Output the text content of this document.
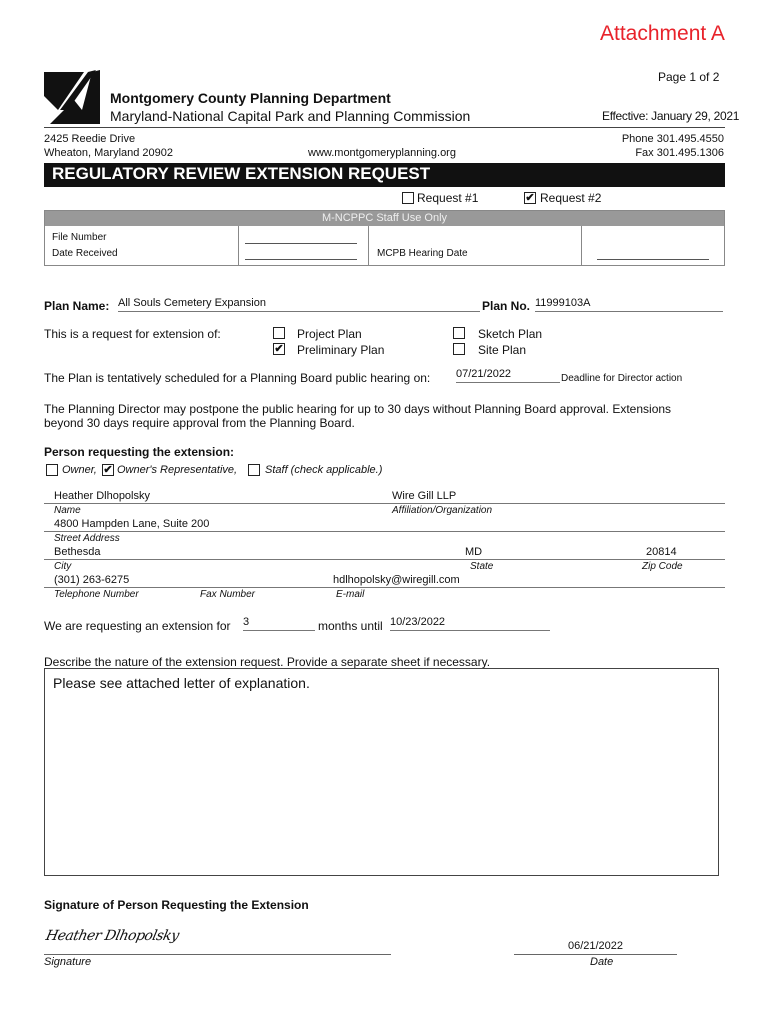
Attachment A
Page 1 of 2
Montgomery County Planning Department
Maryland-National Capital Park and Planning Commission	Effective: January 29, 2021
2425 Reedie Drive
Wheaton, Maryland 20902	www.montgomeryplanning.org
Phone 301.495.4550
Fax 301.495.1306
REGULATORY REVIEW EXTENSION REQUEST
Request #1	✔ Request #2
M-NCPPC Staff Use Only
File Number
Date Received	MCPB Hearing Date
Plan Name: All Souls Cemetery Expansion	Plan No. 11999103A
This is a request for extension of:	Project Plan
✔ Preliminary Plan
Sketch Plan
Site Plan
The Plan is tentatively scheduled for a Planning Board public hearing on: 07/21/2022	Deadline for Director action
The Planning Director may postpone the public hearing for up to 30 days without Planning Board approval. Extensions
beyond 30 days require approval from the Planning Board.
Person requesting the extension:
Owner, ✔ Owner's Representative,	Staff (check applicable.)
Heather Dlhopolsky	Wire Gill LLP
Name	Affiliation/Organization
4800 Hampden Lane, Suite 200
Street Address
Bethesda	MD	20814
City	State	Zip Code
(301) 263-6275	hdlhopolsky@wiregill.com
Telephone Number	Fax Number	E-mail
We are requesting an extension for 3	months until 10/23/2022
Describe the nature of the extension request. Provide a separate sheet if necessary.
Please see attached letter of explanation.
Signature of Person Requesting the Extension
Heather Dlhopolsky
Signature
06/21/2022
Date
